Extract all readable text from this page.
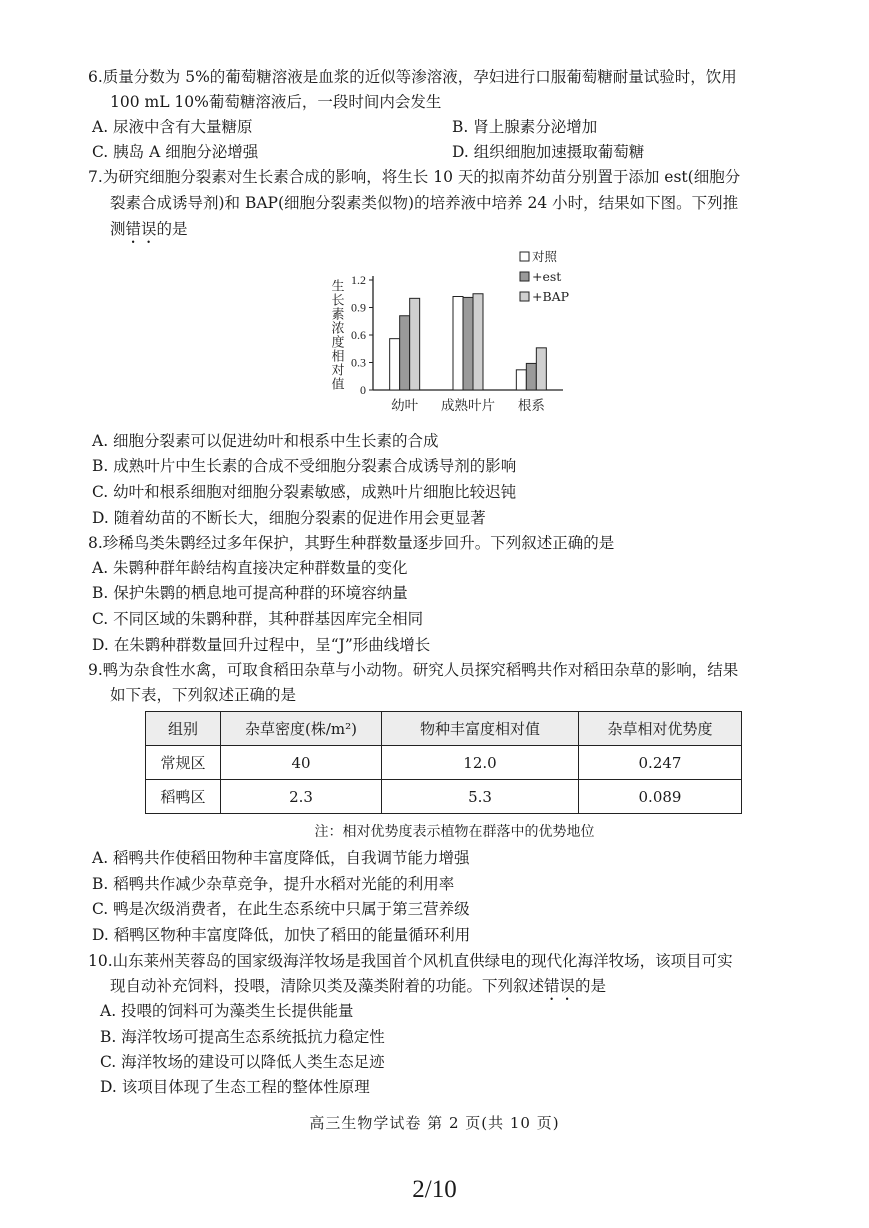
6.质量分数为 5%的葡萄糖溶液是血浆的近似等渗溶液，孕妇进行口服葡萄糖耐量试验时，饮用
100 mL 10%葡萄糖溶液后，一段时间内会发生
A. 尿液中含有大量糖原	B. 肾上腺素分泌增加
C. 胰岛 A 细胞分泌增强	D. 组织细胞加速摄取葡萄糖
7.为研究细胞分裂素对生长素合成的影响，将生长 10 天的拟南芥幼苗分别置于添加 est(细胞分
裂素合成诱导剂)和 BAP(细胞分裂素类似物)的培养液中培养 24 小时，结果如下图。下列推
测错误的是
0
0.3
0.6
0.9
1.2
生长素浓度相对值
幼叶 成熟叶片 根系
对照
+est
+BAP
A. 细胞分裂素可以促进幼叶和根系中生长素的合成
B. 成熟叶片中生长素的合成不受细胞分裂素合成诱导剂的影响
C. 幼叶和根系细胞对细胞分裂素敏感，成熟叶片细胞比较迟钝
D. 随着幼苗的不断长大，细胞分裂素的促进作用会更显著
8.珍稀鸟类朱鹮经过多年保护，其野生种群数量逐步回升。下列叙述正确的是
A. 朱鹮种群年龄结构直接决定种群数量的变化
B. 保护朱鹮的栖息地可提高种群的环境容纳量
C. 不同区域的朱鹮种群，其种群基因库完全相同
D. 在朱鹮种群数量回升过程中，呈“J”形曲线增长
9.鸭为杂食性水禽，可取食稻田杂草与小动物。研究人员探究稻鸭共作对稻田杂草的影响，结果
如下表，下列叙述正确的是
组别	杂草密度(株/m²)	物种丰富度相对值	杂草相对优势度
常规区	40	12.0	0.247
稻鸭区	2.3	5.3	0.089
注：相对优势度表示植物在群落中的优势地位
A. 稻鸭共作使稻田物种丰富度降低，自我调节能力增强
B. 稻鸭共作减少杂草竞争，提升水稻对光能的利用率
C. 鸭是次级消费者，在此生态系统中只属于第三营养级
D. 稻鸭区物种丰富度降低，加快了稻田的能量循环利用
10.山东莱州芙蓉岛的国家级海洋牧场是我国首个风机直供绿电的现代化海洋牧场，该项目可实
现自动补充饲料，投喂，清除贝类及藻类附着的功能。下列叙述错误的是
A. 投喂的饲料可为藻类生长提供能量
B. 海洋牧场可提高生态系统抵抗力稳定性
C. 海洋牧场的建设可以降低人类生态足迹
D. 该项目体现了生态工程的整体性原理
高三生物学试卷 第 2 页(共 10 页)
2/10
